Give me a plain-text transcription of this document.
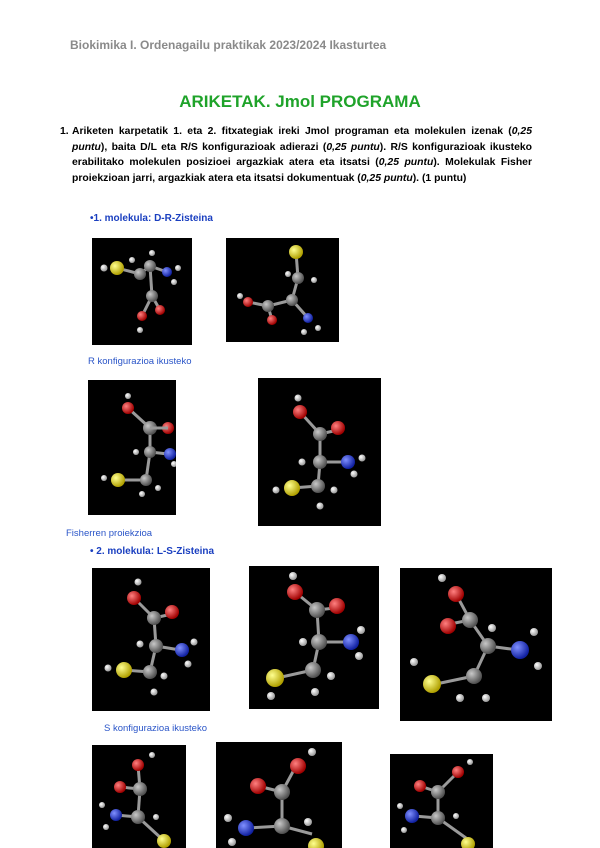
Biokimika I. Ordenagailu praktikak 2023/2024 Ikasturtea
ARIKETAK. Jmol PROGRAMA
1. Ariketen karpetatik 1. eta 2. fitxategiak ireki Jmol programan eta molekulen izenak (0,25 puntu), baita D/L eta R/S konfigurazioak adierazi (0,25 puntu). R/S konfigurazioak ikusteko erabilitako molekulen posizioei argazkiak atera eta itsatsi (0,25 puntu). Molekulak Fisher proiekzioan jarri, argazkiak atera eta itsatsi dokumentuak (0,25 puntu). (1 puntu)
•1. molekula: D-R-Zisteina
R konfigurazioa ikusteko
Fisherren proiekzioa
• 2. molekula: L-S-Zisteina
S konfigurazioa ikusteko
